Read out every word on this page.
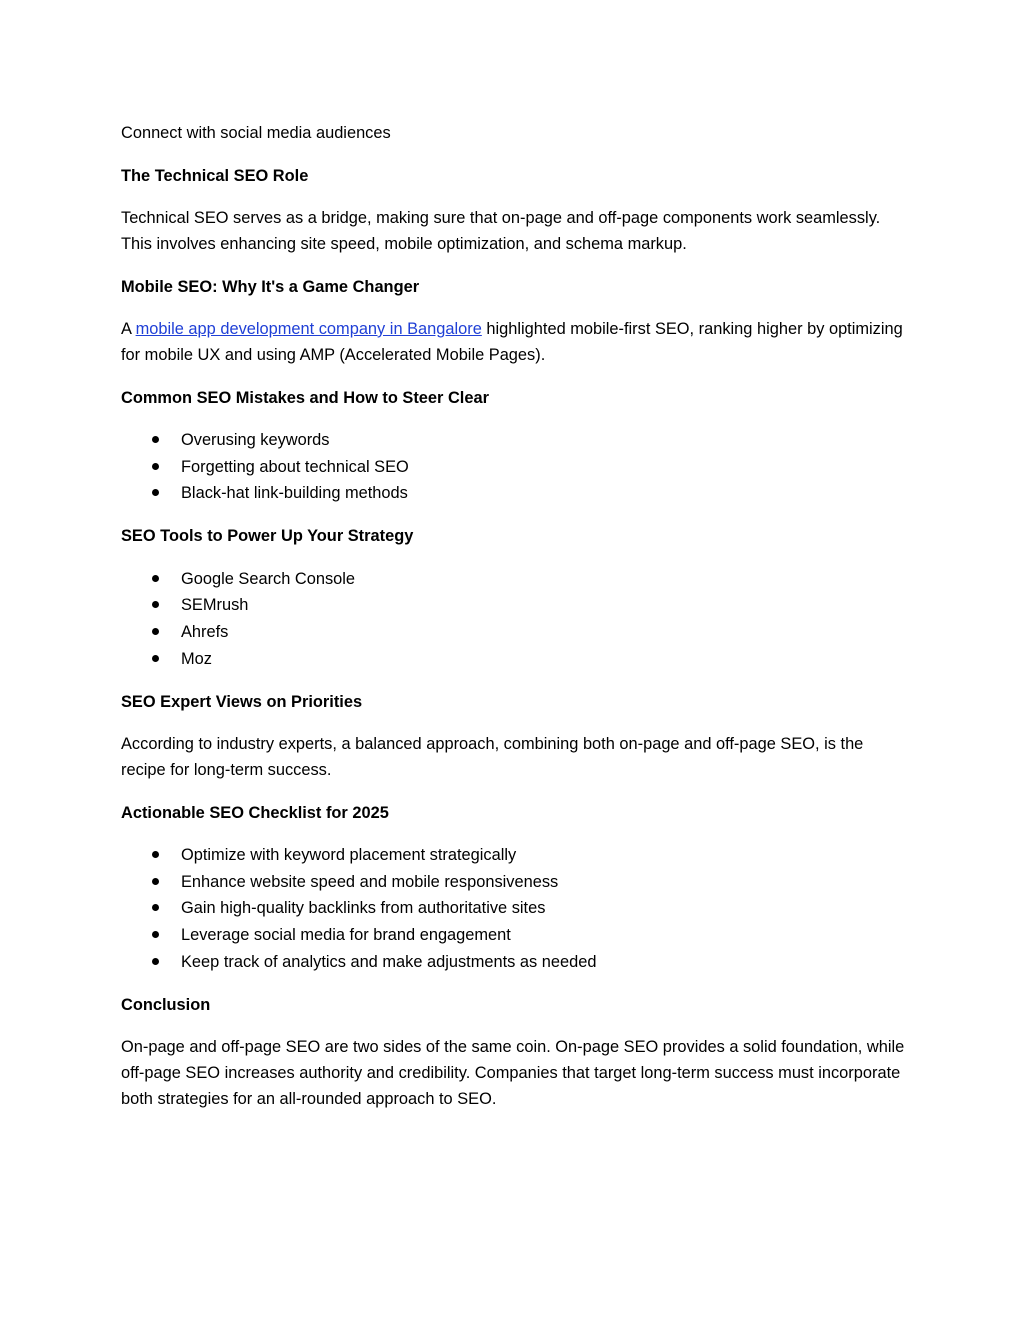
Connect with social media audiences

The Technical SEO Role

Technical SEO serves as a bridge, making sure that on-page and off-page components work seamlessly. This involves enhancing site speed, mobile optimization, and schema markup.

Mobile SEO: Why It's a Game Changer

A mobile app development company in Bangalore highlighted mobile-first SEO, ranking higher by optimizing for mobile UX and using AMP (Accelerated Mobile Pages).

Common SEO Mistakes and How to Steer Clear

Overusing keywords
Forgetting about technical SEO
Black-hat link-building methods

SEO Tools to Power Up Your Strategy

Google Search Console
SEMrush
Ahrefs
Moz

SEO Expert Views on Priorities

According to industry experts, a balanced approach, combining both on-page and off-page SEO, is the recipe for long-term success.

Actionable SEO Checklist for 2025

Optimize with keyword placement strategically
Enhance website speed and mobile responsiveness
Gain high-quality backlinks from authoritative sites
Leverage social media for brand engagement
Keep track of analytics and make adjustments as needed

Conclusion

On-page and off-page SEO are two sides of the same coin. On-page SEO provides a solid foundation, while off-page SEO increases authority and credibility. Companies that target long-term success must incorporate both strategies for an all-rounded approach to SEO.
